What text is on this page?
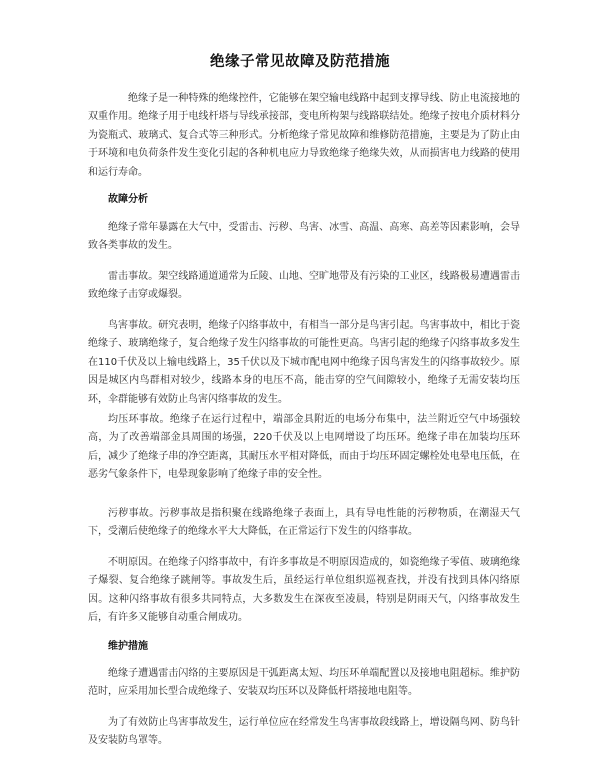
绝缘子常见故障及防范措施

绝缘子是一种特殊的绝缘控件，它能够在架空输电线路中起到支撑导线、防止电流接地的双重作用。绝缘子用于电线杆塔与导线承接部，变电所构架与线路联结处。绝缘子按电介质材料分为瓷瓶式、玻璃式、复合式等三种形式。分析绝缘子常见故障和维修防范措施，主要是为了防止由于环境和电负荷条件发生变化引起的各种机电应力导致绝缘子绝缘失效，从而损害电力线路的使用和运行寿命。

故障分析

绝缘子常年暴露在大气中，受雷击、污秽、鸟害、冰雪、高温、高寒、高差等因素影响，会导致各类事故的发生。

雷击事故。架空线路通道通常为丘陵、山地、空旷地带及有污染的工业区，线路极易遭遇雷击致绝缘子击穿或爆裂。

鸟害事故。研究表明，绝缘子闪络事故中，有相当一部分是鸟害引起。鸟害事故中，相比于瓷绝缘子、玻璃绝缘子，复合绝缘子发生闪络事故的可能性更高。鸟害引起的绝缘子闪络事故多发生在110千伏及以上输电线路上，35千伏以及下城市配电网中绝缘子因鸟害发生的闪络事故较少。原因是城区内鸟群相对较少，线路本身的电压不高，能击穿的空气间隙较小，绝缘子无需安装均压环，伞群能够有效防止鸟害闪络事故的发生。

均压环事故。绝缘子在运行过程中，端部金具附近的电场分布集中，法兰附近空气中场强较高，为了改善端部金具周围的场强，220千伏及以上电网增设了均压环。绝缘子串在加装均压环后，减少了绝缘子串的净空距离，其耐压水平相对降低，而由于均压环固定螺栓处电晕电压低，在恶劣气象条件下，电晕现象影响了绝缘子串的安全性。

污秽事故。污秽事故是指积聚在线路绝缘子表面上，具有导电性能的污秽物质，在潮湿天气下，受潮后使绝缘子的绝缘水平大大降低，在正常运行下发生的闪络事故。

不明原因。在绝缘子闪络事故中，有许多事故是不明原因造成的，如瓷绝缘子零值、玻璃绝缘子爆裂、复合绝缘子跳闸等。事故发生后，虽经运行单位组织巡视查找，并没有找到具体闪络原因。这种闪络事故有很多共同特点，大多数发生在深夜至凌晨，特别是阴雨天气，闪络事故发生后，有许多又能够自动重合闸成功。

维护措施

绝缘子遭遇雷击闪络的主要原因是干弧距离太短、均压环单端配置以及接地电阻超标。维护防范时，应采用加长型合成绝缘子、安装双均压环以及降低杆塔接地电阻等。

为了有效防止鸟害事故发生，运行单位应在经常发生鸟害事故段线路上，增设隔鸟网、防鸟针及安装防鸟罩等。
